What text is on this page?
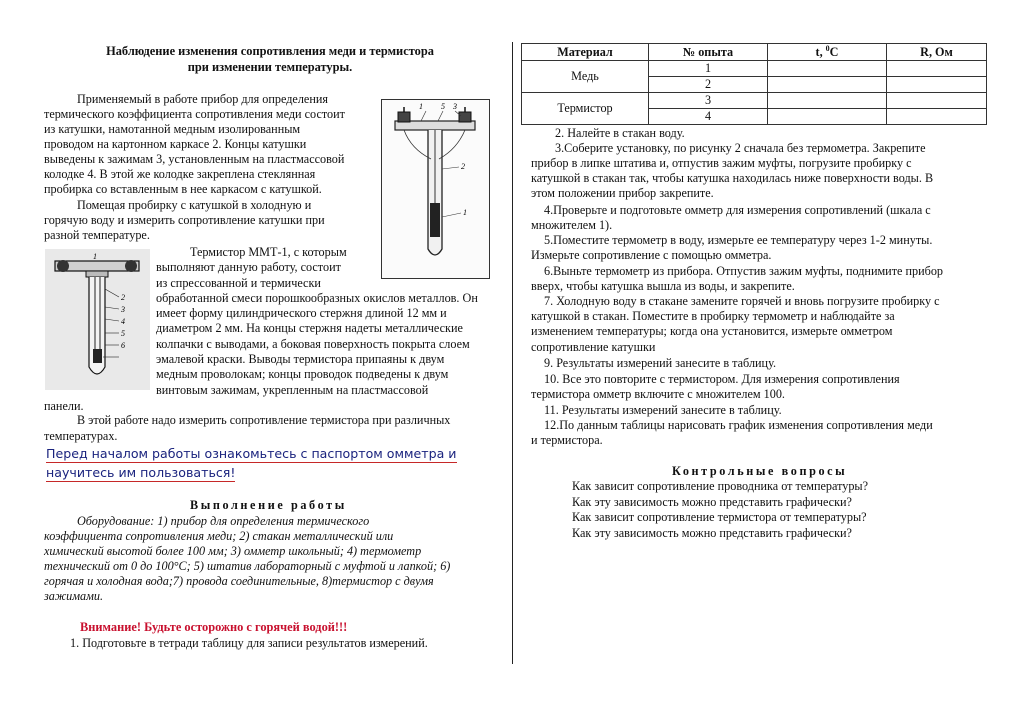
Наблюдение изменения сопротивления меди и термистора
при изменении температуры.
Применяемый в работе прибор для определения
термического коэффициента сопротивления меди состоит
из катушки, намотанной медным изолированным
проводом на картонном каркасе 2. Концы катушки
выведены к зажимам 3, установленным на пластмассовой
колодке 4. В этой же колодке закреплена стеклянная
пробирка со вставленным в нее каркасом с катушкой.
Помещая пробирку с катушкой в холодную и
горячую воду и измерить сопротивление катушки при
разной температуре.
1 5 3
2
1
1
2
3
4
5
6
Термистор ММТ-1, с которым
выполняют данную работу, состоит
из спрессованной и термически
обработанной смеси порошкообразных окислов металлов. Он
имеет форму цилиндрического стержня длиной 12 мм и
диаметром 2 мм. На концы стержня надеты металлические
колпачки с выводами, а боковая поверхность покрыта слоем
эмалевой краски. Выводы термистора припаяны к двум
медным проволокам; концы проводок подведены к двум
винтовым зажимам, укрепленным на пластмассовой
панели.
В этой работе надо измерить сопротивление термистора при различных
температурах.
Перед началом работы ознакомьтесь с паспортом омметра и
научитесь им пользоваться!
Выполнение работы
Оборудование: 1) прибор для определения термического
коэффициента сопротивления меди; 2) стакан металлический или
химический высотой более 100 мм; 3) омметр школьный; 4) термометр
технический от 0 до 100°С; 5) штатив лабораторный с муфтой и лапкой; 6)
горячая и холодная вода;7) провода соединительные, 8)термистор с двумя
зажимами.
Внимание! Будьте осторожно с горячей водой!!!
1. Подготовьте в тетради таблицу для записи результатов измерений.
Материал	№ опыта	t, $^0$C	R, Ом
Медь	1		
	2		
Термистор	3		
	4		
2. Налейте в стакан воду.
3.Соберите установку, по рисунку 2 сначала без термометра. Закрепите
прибор в липке штатива и, отпустив зажим муфты, погрузите пробирку с
катушкой в стакан так, чтобы катушка находилась ниже поверхности воды. В
этом положении прибор закрепите.
4.Проверьте и подготовьте омметр для измерения сопротивлений (шкала с
множителем 1).
5.Поместите термометр в воду, измерьте ее температуру через 1-2 минуты.
Измерьте сопротивление с помощью омметра.
6.Выньте термометр из прибора. Отпустив зажим муфты, поднимите прибор
вверх, чтобы катушка вышла из воды, и закрепите.
7. Холодную воду в стакане замените горячей и вновь погрузите пробирку с
катушкой в стакан. Поместите в пробирку термометр и наблюдайте за
изменением температуры; когда она установится, измерьте омметром
сопротивление катушки
9. Результаты измерений занесите в таблицу.
10. Все это повторите с термистором. Для измерения сопротивления
термистора омметр включите с множителем 100.
11. Результаты измерений занесите в таблицу.
12.По данным таблицы нарисовать график изменения сопротивления меди
и термистора.
Контрольные вопросы
Как зависит сопротивление проводника от температуры?
Как эту зависимость можно представить графически?
Как зависит сопротивление термистора от температуры?
Как эту зависимость можно представить графически?
